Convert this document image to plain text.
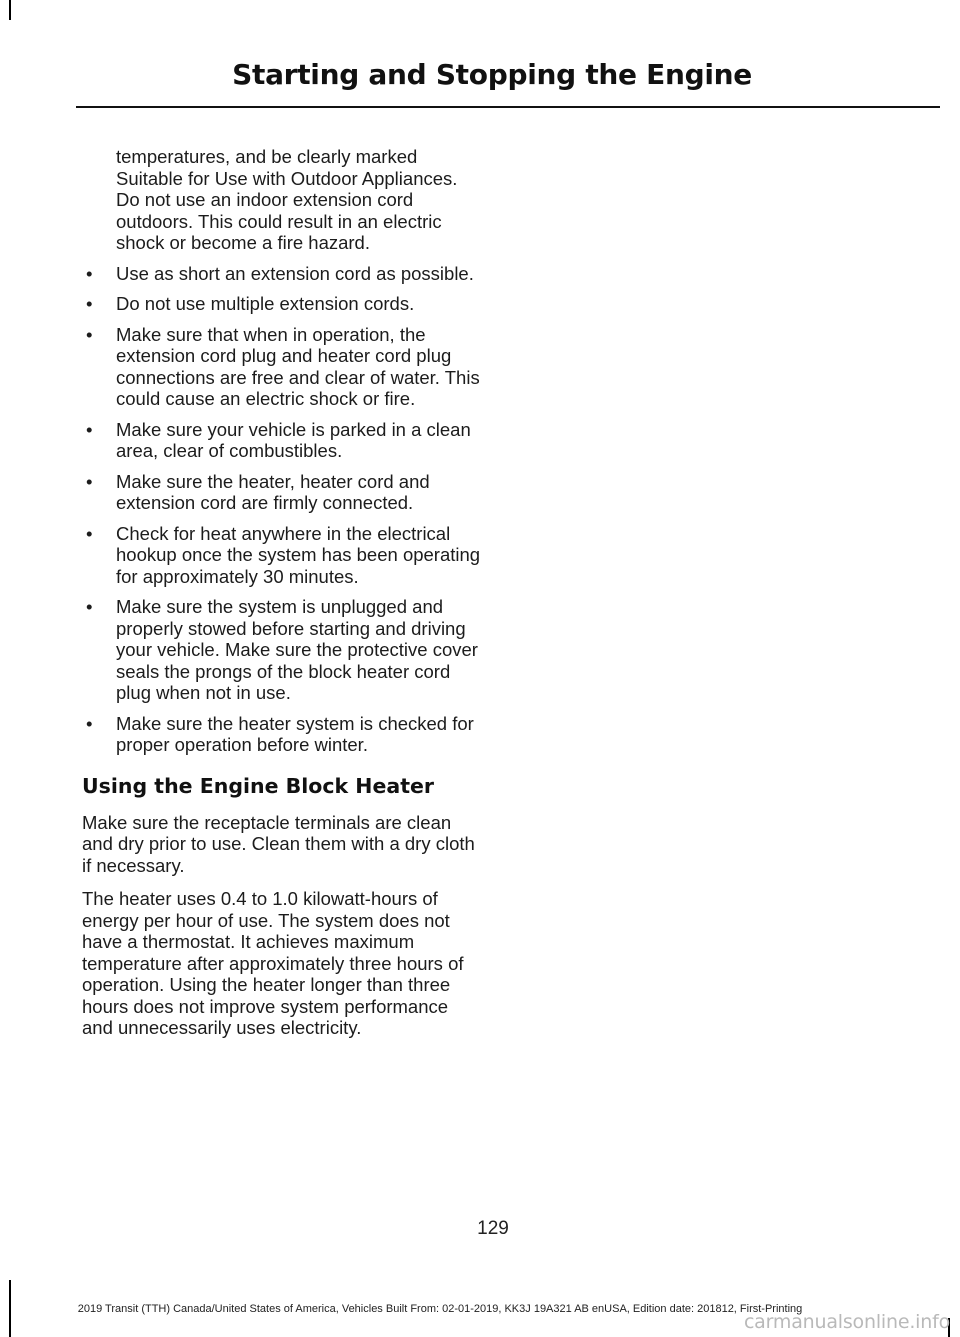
Starting and Stopping the Engine

temperatures, and be clearly marked Suitable for Use with Outdoor Appliances. Do not use an indoor extension cord outdoors. This could result in an electric shock or become a fire hazard.

• Use as short an extension cord as possible.
• Do not use multiple extension cords.
• Make sure that when in operation, the extension cord plug and heater cord plug connections are free and clear of water. This could cause an electric shock or fire.
• Make sure your vehicle is parked in a clean area, clear of combustibles.
• Make sure the heater, heater cord and extension cord are firmly connected.
• Check for heat anywhere in the electrical hookup once the system has been operating for approximately 30 minutes.
• Make sure the system is unplugged and properly stowed before starting and driving your vehicle. Make sure the protective cover seals the prongs of the block heater cord plug when not in use.
• Make sure the heater system is checked for proper operation before winter.
Using the Engine Block Heater

Make sure the receptacle terminals are clean and dry prior to use. Clean them with a dry cloth if necessary.

The heater uses 0.4 to 1.0 kilowatt-hours of energy per hour of use. The system does not have a thermostat. It achieves maximum temperature after approximately three hours of operation. Using the heater longer than three hours does not improve system performance and unnecessarily uses electricity.

129
2019 Transit (TTH) Canada/United States of America, Vehicles Built From: 02-01-2019, KK3J 19A321 AB enUSA, Edition date: 201812, First-Printing
carmanualsonline.info
